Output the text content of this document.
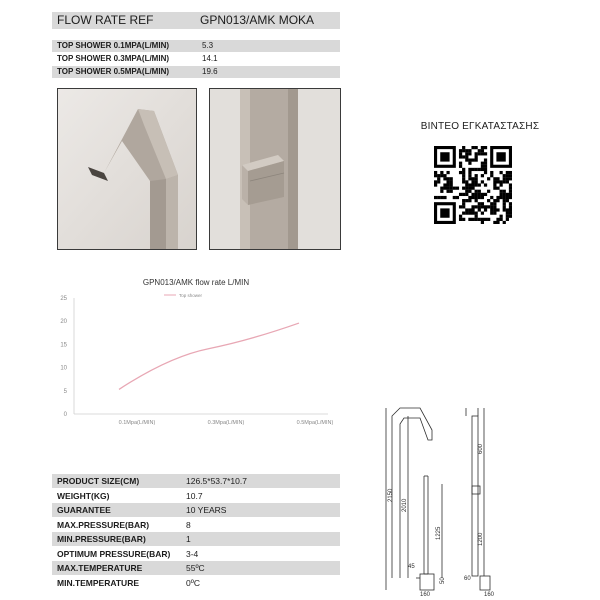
FLOW RATE REF	GPN013/AMK MOKA
TOP SHOWER 0.1MPA(L/MIN)	5.3
TOP SHOWER 0.3MPA(L/MIN)	14.1
TOP SHOWER 0.5MPA(L/MIN)	19.6
ΒΙΝΤΕΟ ΕΓΚΑΤΑΣΤΑΣΗΣ
GPN013/AMK flow rate L/MIN
Top shower
0
5
10
15
20
25
0.1Mpa(L/MIN)	0.3Mpa(L/MIN)	0.5Mpa(L/MIN)
PRODUCT SIZE(CM)	126.5*53.7*10.7
WEIGHT(KG)	10.7
GUARANTEE	10 YEARS
MAX.PRESSURE(BAR)	8
MIN.PRESSURE(BAR)	1
OPTIMUM PRESSURE(BAR) 3-4
MAX.TEMPERATURE	55ºC
MIN.TEMPERATURE	0ºC
2150
2010
600
1225	1200
45
50	60
160	160
